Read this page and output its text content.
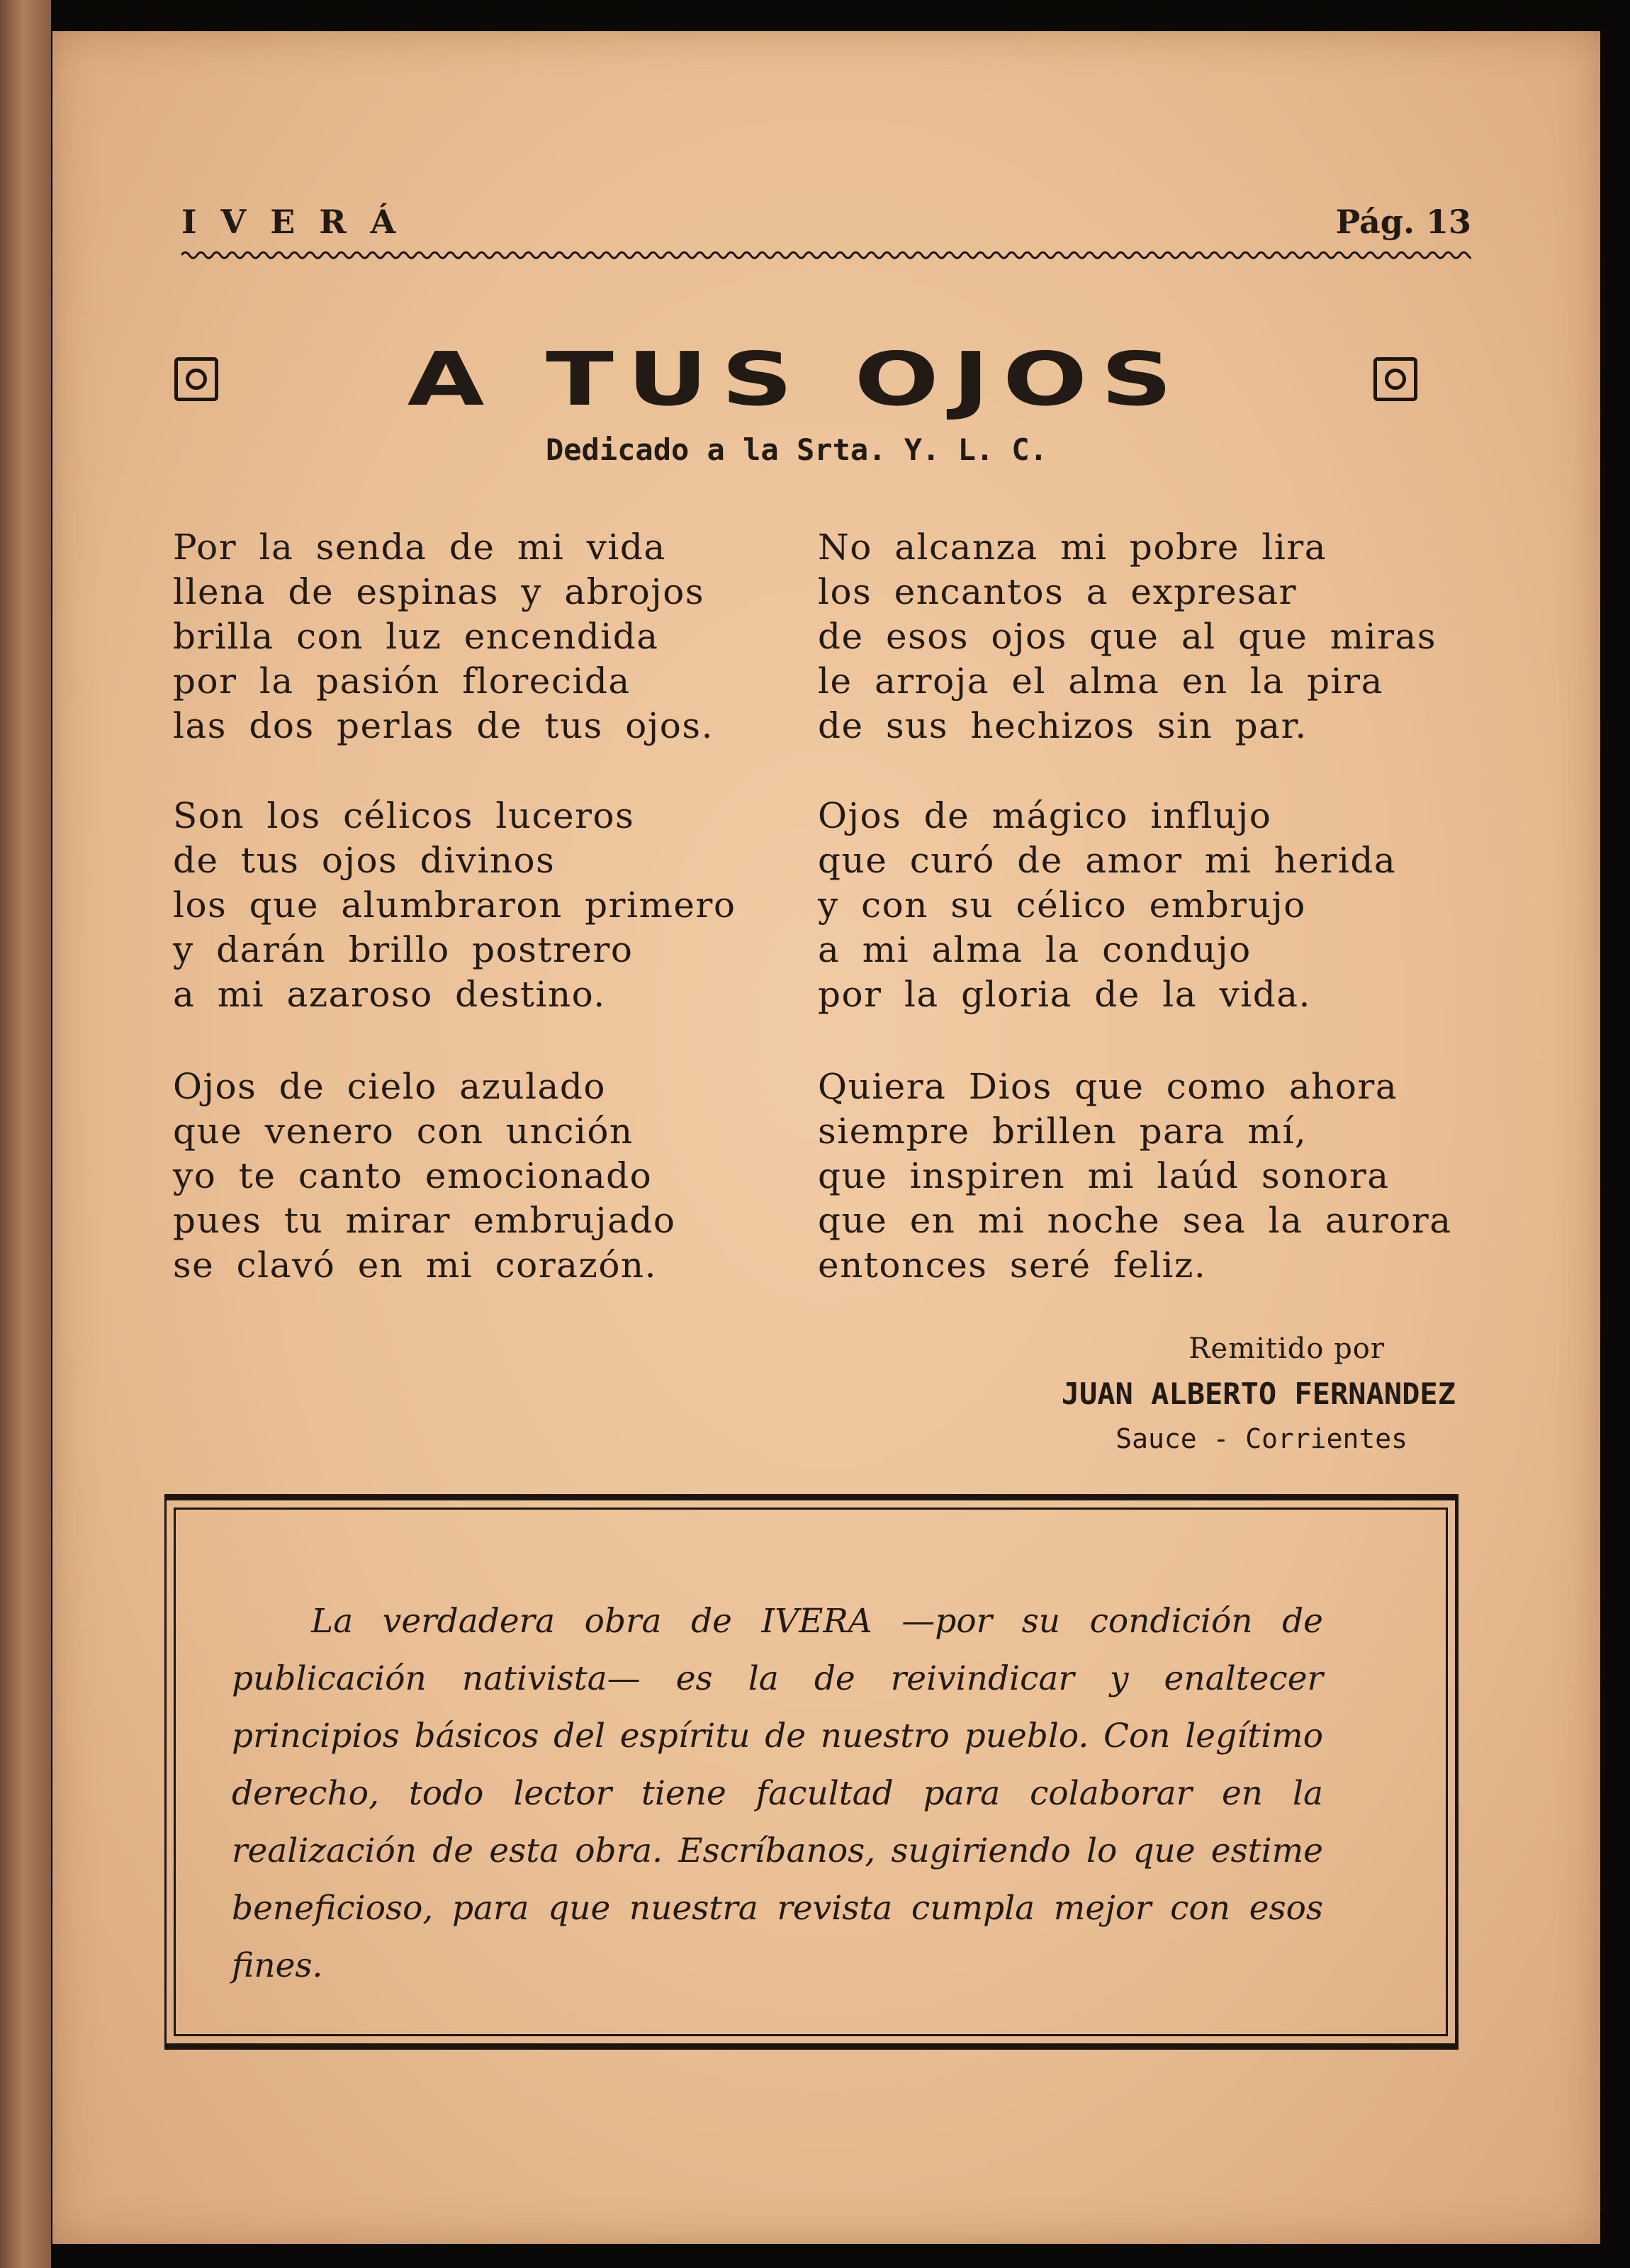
IVERÁ	Pág. 13
A TUS OJOS
Dedicado a la Srta. Y. L. C.
Por la senda de mi vida
llena de espinas y abrojos
brilla con luz encendida
por la pasión florecida
las dos perlas de tus ojos.
Son los célicos luceros
de tus ojos divinos
los que alumbraron primero
y darán brillo postrero
a mi azaroso destino.
Ojos de cielo azulado
que venero con unción
yo te canto emocionado
pues tu mirar embrujado
se clavó en mi corazón.
No alcanza mi pobre lira
los encantos a expresar
de esos ojos que al que miras
le arroja el alma en la pira
de sus hechizos sin par.
Ojos de mágico influjo
que curó de amor mi herida
y con su célico embrujo
a mi alma la condujo
por la gloria de la vida.
Quiera Dios que como ahora
siempre brillen para mí,
que inspiren mi laúd sonora
que en mi noche sea la aurora
entonces seré feliz.
Remitido por
JUAN ALBERTO FERNANDEZ
Sauce - Corrientes

La verdadera obra de IVERA —por su condición de publicación nativista— es la de reivindicar y enaltecer principios básicos del espíritu de nuestro pueblo. Con legítimo derecho, todo lector tiene facultad para colaborar en la realización de esta obra. Escríbanos, sugiriendo lo que estime beneficioso, para que nuestra revista cumpla mejor con esos fines.
